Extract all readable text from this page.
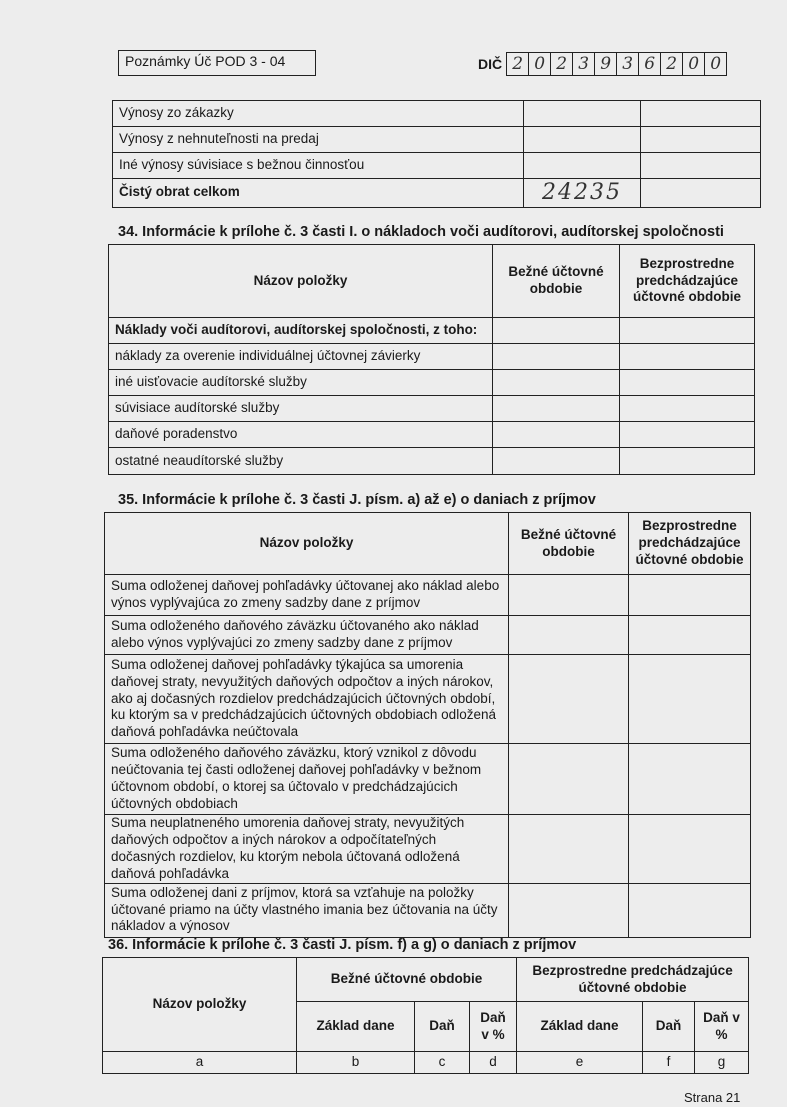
Poznámky Úč POD 3 - 04	DIČ 2 0 2 3 9 3 6 2 0 0
Výnosy zo zákazky		
Výnosy z nehnuteľnosti na predaj		
Iné výnosy súvisiace s bežnou činnosťou		
Čistý obrat celkom	24235	
34. Informácie k prílohe č. 3 časti I. o nákladoch voči audítorovi, audítorskej spoločnosti
Názov položky	Bežné účtovné obdobie	Bezprostredne predchádzajúce účtovné obdobie
Náklady voči audítorovi, audítorskej spoločnosti, z toho:		
náklady za overenie individuálnej účtovnej závierky		
iné uisťovacie audítorské služby		
súvisiace audítorské služby		
daňové poradenstvo		
ostatné neaudítorské služby		
35. Informácie k prílohe č. 3 časti J. písm. a) až e) o daniach z príjmov
Názov položky	Bežné účtovné obdobie	Bezprostredne predchádzajúce účtovné obdobie
Suma odloženej daňovej pohľadávky účtovanej ako náklad alebo výnos vyplývajúca zo zmeny sadzby dane z príjmov		
Suma odloženého daňového záväzku účtovaného ako náklad alebo výnos vyplývajúci zo zmeny sadzby dane z príjmov		
Suma odloženej daňovej pohľadávky týkajúca sa umorenia daňovej straty, nevyužitých daňových odpočtov a iných nárokov, ako aj dočasných rozdielov predchádzajúcich účtovných období, ku ktorým sa v predchádzajúcich účtovných obdobiach odložená daňová pohľadávka neúčtovala		
Suma odloženého daňového záväzku, ktorý vznikol z dôvodu neúčtovania tej časti odloženej daňovej pohľadávky v bežnom účtovnom období, o ktorej sa účtovalo v predchádzajúcich účtovných obdobiach		
Suma neuplatneného umorenia daňovej straty, nevyužitých daňových odpočtov a iných nárokov a odpočítateľných dočasných rozdielov, ku ktorým nebola účtovaná odložená daňová pohľadávka		
Suma odloženej dani z príjmov, ktorá sa vzťahuje na položky účtované priamo na účty vlastného imania bez účtovania na účty nákladov a výnosov		
36. Informácie k prílohe č. 3 časti J. písm. f) a g) o daniach z príjmov
Názov položky	Bežné účtovné obdobie			Bezprostredne predchádzajúce účtovné obdobie		
	Základ dane	Daň	Daň v %	Základ dane	Daň	Daň v %
a	b	c	d	e	f	g
Strana 21
